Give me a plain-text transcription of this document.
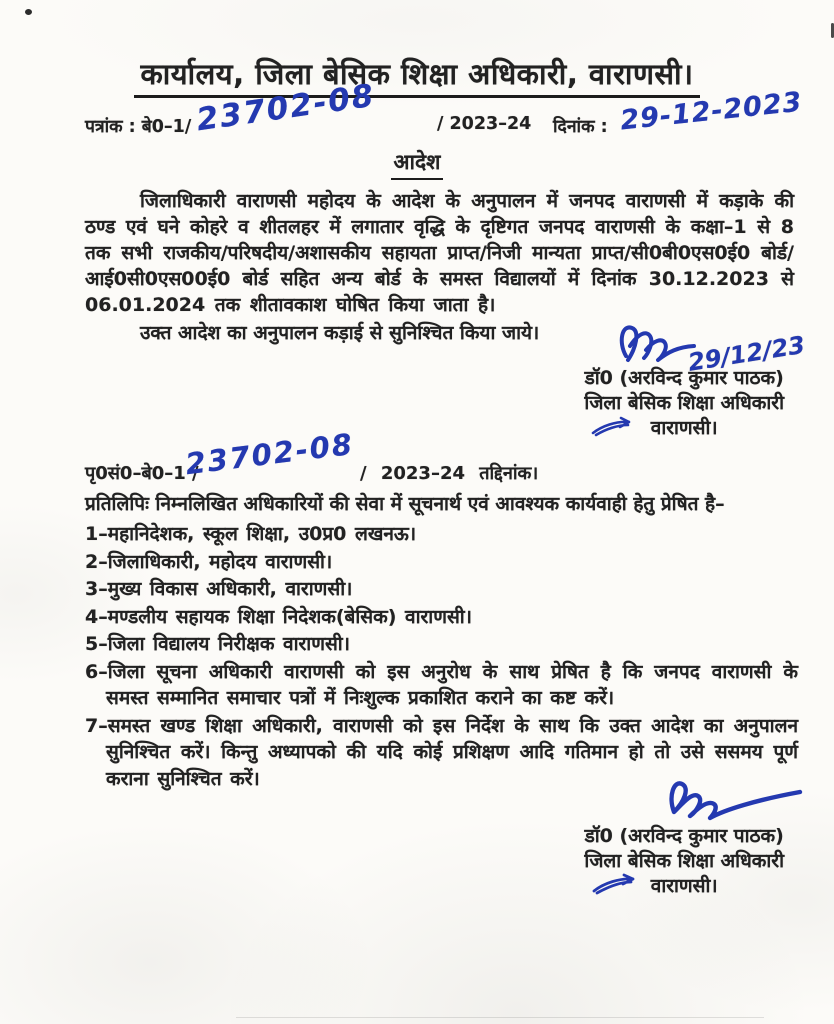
कार्यालय, जिला बेसिक शिक्षा अधिकारी, वाराणसी।
पत्रांक : बे0–1/ 23702-08	/ 2023–24 दिनांक : 29-12-2023
आदेश

जिलाधिकारी वाराणसी महोदय के आदेश के अनुपालन में जनपद वाराणसी में कड़ाके की ठण्ड एवं घने कोहरे व शीतलहर में लगातार वृद्धि के दृष्टिगत जनपद वाराणसी के कक्षा–1 से 8 तक सभी राजकीय/परिषदीय/अशासकीय सहायता प्राप्त/निजी मान्यता प्राप्त/सी0बी0एस0ई0 बोर्ड/ आई0सी0एस00ई0 बोर्ड सहित अन्य बोर्ड के समस्त विद्यालयों में दिनांक 30.12.2023 से 06.01.2024 तक शीतावकाश घोषित किया जाता है।

उक्त आदेश का अनुपालन कड़ाई से सुनिश्चित किया जाये।	29/12/23
डॉ0 (अरविन्द कुमार पाठक)
जिला बेसिक शिक्षा अधिकारी
वाराणसी।
पृ0सं0–बे0–1 /
23702-08 / 2023–24 तद्दिनांक।
प्रतिलिपिः निम्नलिखित अधिकारियों की सेवा में सूचनार्थ एवं आवश्यक कार्यवाही हेतु प्रेषित है–
1–महानिदेशक, स्कूल शिक्षा, उ0प्र0 लखनऊ।
2–जिलाधिकारी, महोदय वाराणसी।
3–मुख्य विकास अधिकारी, वाराणसी।
4–मण्डलीय सहायक शिक्षा निदेशक(बेसिक) वाराणसी।
5–जिला विद्यालय निरीक्षक वाराणसी।
6–जिला सूचना अधिकारी वाराणसी को इस अनुरोध के साथ प्रेषित है कि जनपद वाराणसी के समस्त सम्मानित समाचार पत्रों में निःशुल्क प्रकाशित कराने का कष्ट करें।
7–समस्त खण्ड शिक्षा अधिकारी, वाराणसी को इस निर्देश के साथ कि उक्त आदेश का अनुपालन सुनिश्चित करें। किन्तु अध्यापको की यदि कोई प्रशिक्षण आदि गतिमान हो तो उसे ससमय पूर्ण कराना सुनिश्चित करें।
डॉ0 (अरविन्द कुमार पाठक)
जिला बेसिक शिक्षा अधिकारी
वाराणसी।
